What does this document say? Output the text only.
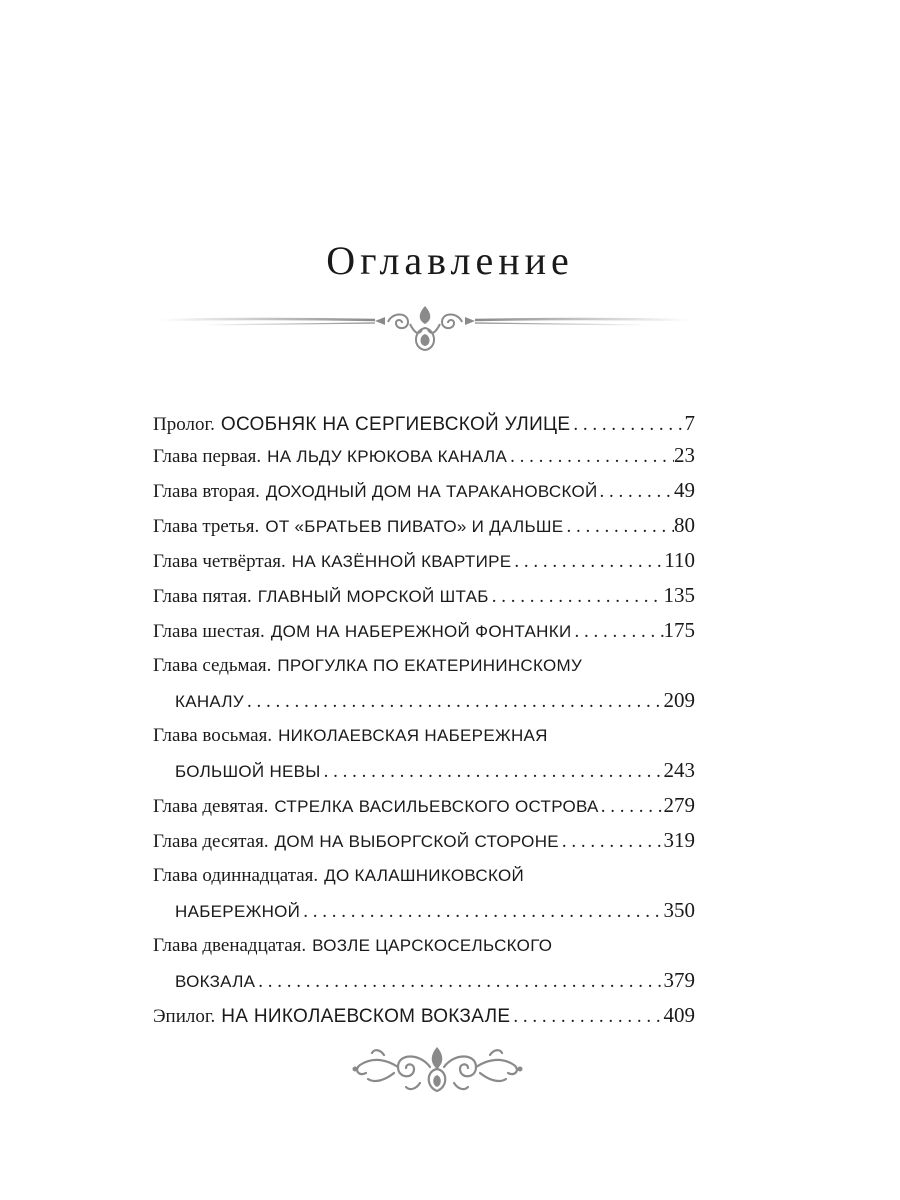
Оглавление
Пролог. ОСОБНЯК НА СЕРГИЕВСКОЙ УЛИЦЕ . . .	7
Глава первая. НА ЛЬДУ КРЮКОВА КАНАЛА . . .	23
Глава вторая. ДОХОДНЫЙ ДОМ НА ТАРАКАНОВСКОЙ . . .	49
Глава третья. ОТ «БРАТЬЕВ ПИВАТО» И ДАЛЬШЕ . . .	80
Глава четвёртая. НА КАЗЁННОЙ КВАРТИРЕ . . .	110
Глава пятая. ГЛАВНЫЙ МОРСКОЙ ШТАБ . . .	135
Глава шестая. ДОМ НА НАБЕРЕЖНОЙ ФОНТАНКИ . . .	175
Глава седьмая. ПРОГУЛКА ПО ЕКАТЕРИНИНСКОМУ
КАНАЛУ . . .	209
Глава восьмая. НИКОЛАЕВСКАЯ НАБЕРЕЖНАЯ
БОЛЬШОЙ НЕВЫ . . .	243
Глава девятая. СТРЕЛКА ВАСИЛЬЕВСКОГО ОСТРОВА . . .	279
Глава десятая. ДОМ НА ВЫБОРГСКОЙ СТОРОНЕ . . .	319
Глава одиннадцатая. ДО КАЛАШНИКОВСКОЙ
НАБЕРЕЖНОЙ . . .	350
Глава двенадцатая. ВОЗЛЕ ЦАРСКОСЕЛЬСКОГО
ВОКЗАЛА . . .	379
Эпилог. НА НИКОЛАЕВСКОМ ВОКЗАЛЕ . . .	409
